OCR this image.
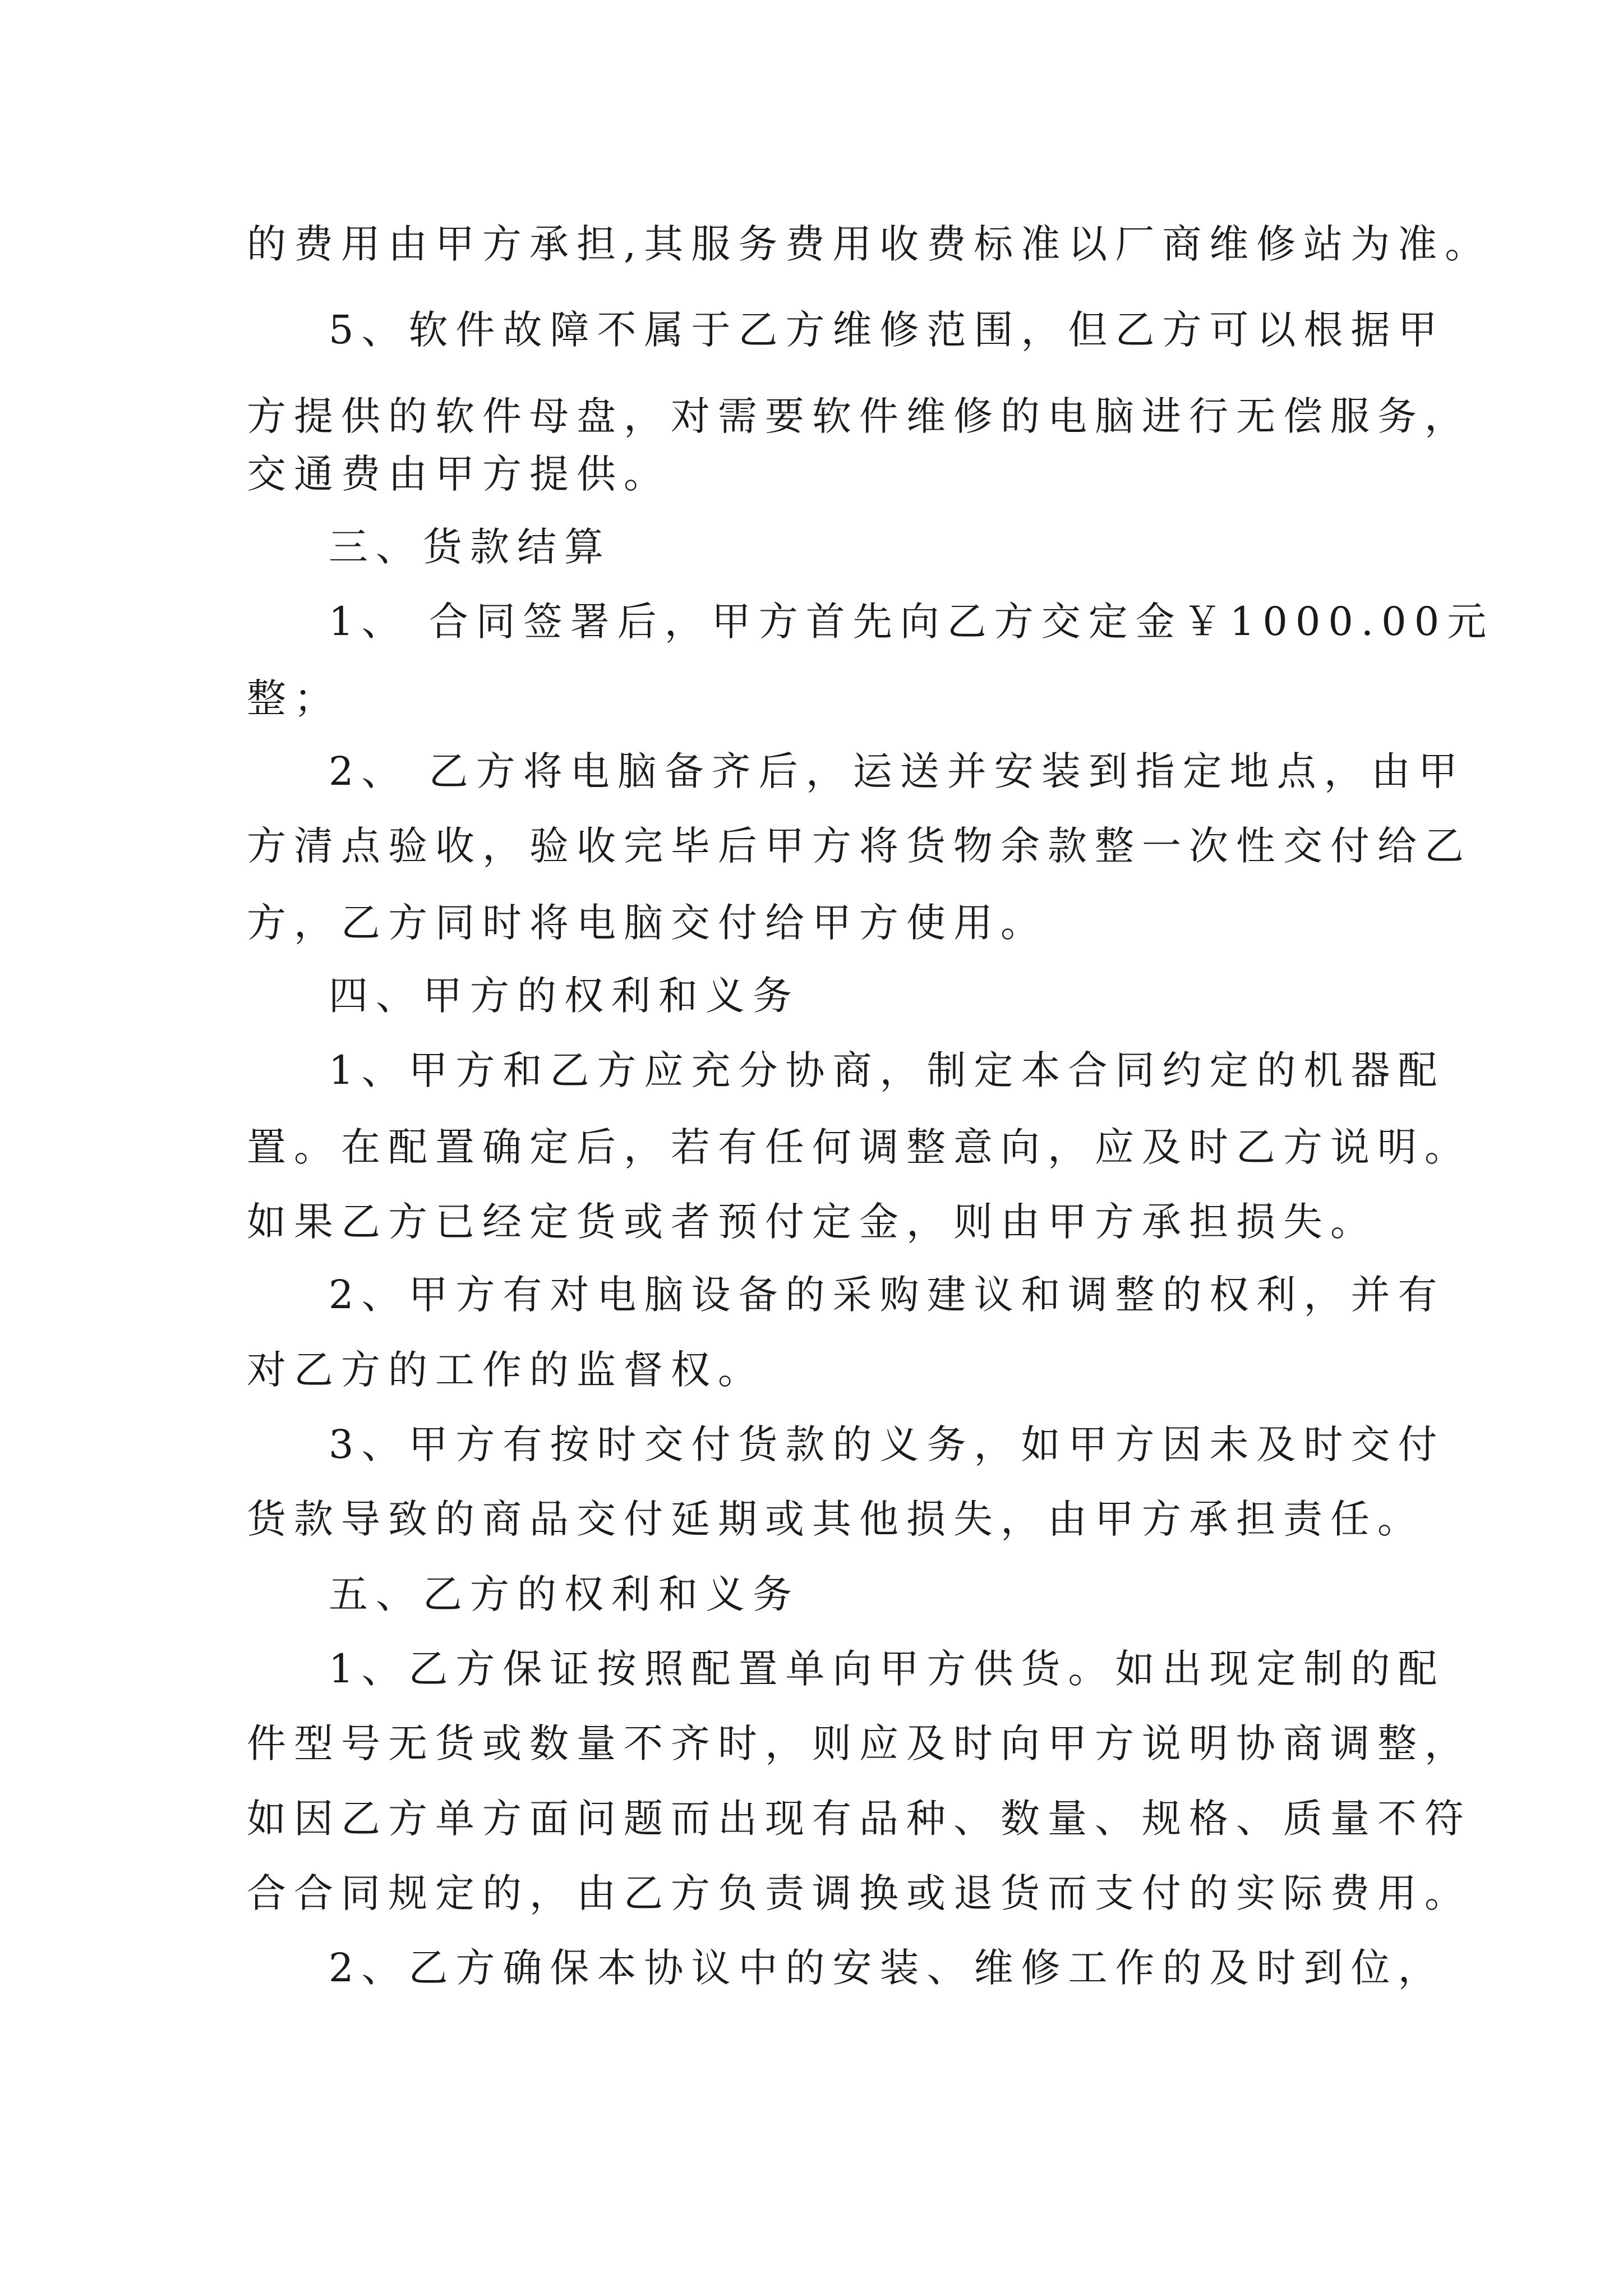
的费用由甲方承担,其服务费用收费标准以厂商维修站为准。
5、软件故障不属于乙方维修范围，但乙方可以根据甲
方提供的软件母盘，对需要软件维修的电脑进行无偿服务，
交通费由甲方提供。
三、货款结算
1、 合同签署后，甲方首先向乙方交定金￥1000.00元
整；
2、 乙方将电脑备齐后，运送并安装到指定地点，由甲
方清点验收，验收完毕后甲方将货物余款整一次性交付给乙
方，乙方同时将电脑交付给甲方使用。
四、甲方的权利和义务
1、甲方和乙方应充分协商，制定本合同约定的机器配
置。在配置确定后，若有任何调整意向，应及时乙方说明。
如果乙方已经定货或者预付定金，则由甲方承担损失。
2、甲方有对电脑设备的采购建议和调整的权利，并有
对乙方的工作的监督权。
3、甲方有按时交付货款的义务，如甲方因未及时交付
货款导致的商品交付延期或其他损失，由甲方承担责任。
五、乙方的权利和义务
1、乙方保证按照配置单向甲方供货。如出现定制的配
件型号无货或数量不齐时，则应及时向甲方说明协商调整，
如因乙方单方面问题而出现有品种、数量、规格、质量不符
合合同规定的，由乙方负责调换或退货而支付的实际费用。
2、乙方确保本协议中的安装、维修工作的及时到位，
